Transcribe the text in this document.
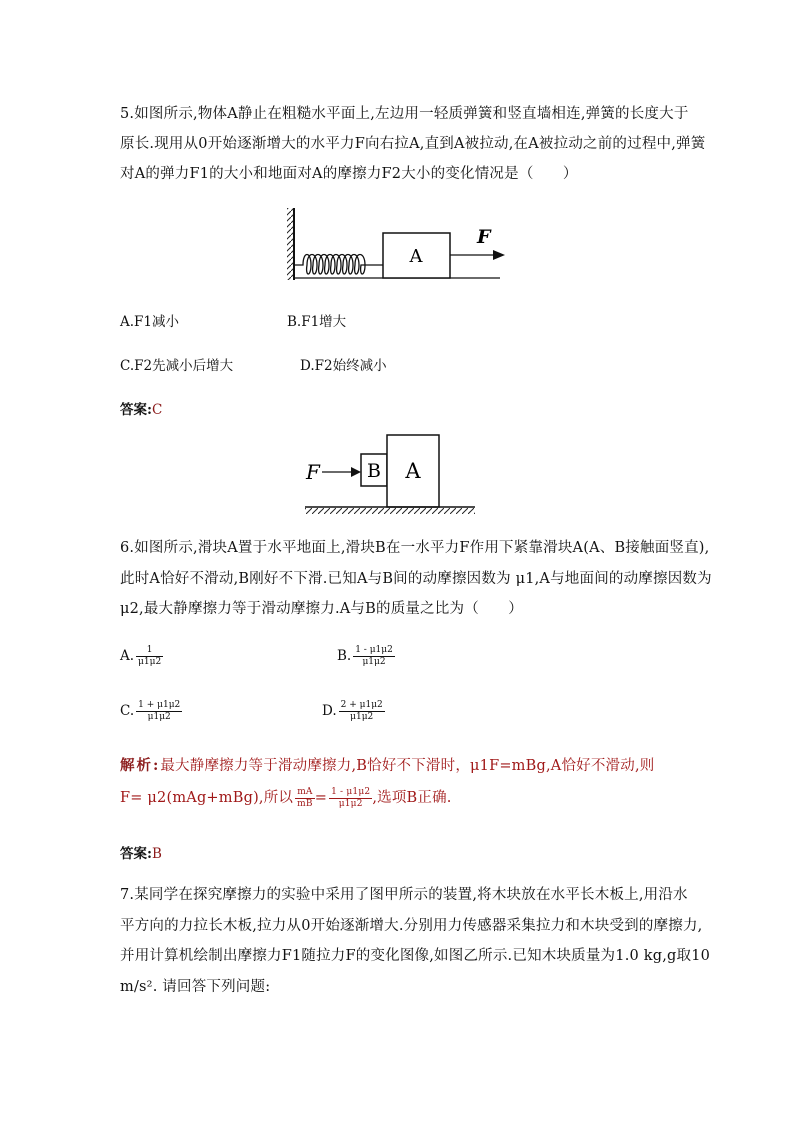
5.如图所示,物体A静止在粗糙水平面上,左边用一轻质弹簧和竖直墙相连,弹簧的长度大于
原长.现用从0开始逐渐增大的水平力F向右拉A,直到A被拉动,在A被拉动之前的过程中,弹簧
对A的弹力F1的大小和地面对A的摩擦力F2大小的变化情况是（　　）
A
F
A.F1减小	B.F1增大
C.F2先减小后增大	D.F2始终减小
答案:C
F B A
6.如图所示,滑块A置于水平地面上,滑块B在一水平力F作用下紧靠滑块A(A、B接触面竖直),
此时A恰好不滑动,B刚好不下滑.已知A与B间的动摩擦因数为 μ1,A与地面间的动摩擦因数为
μ2,最大静摩擦力等于滑动摩擦力.A与B的质量之比为（　　）
A. $\frac{1}{\mu 1\mu 2}$	B. $\frac{1 - \mu 1\mu 2}{\mu 1\mu 2}$
C. $\frac{1 + \mu 1\mu 2}{\mu 1\mu 2}$	D. $\frac{2 + \mu 1\mu 2}{\mu 1\mu 2}$
解析:最大静摩擦力等于滑动摩擦力,B恰好不下滑时，μ1F=mBg,A恰好不滑动,则
F= μ2(mAg+mBg),所以 $\frac{mA}{mB} = \frac{1 - \mu 1\mu 2}{\mu 1\mu 2}$ ,选项B正确.
答案:B
7.某同学在探究摩擦力的实验中采用了图甲所示的装置,将木块放在水平长木板上,用沿水
平方向的力拉长木板,拉力从0开始逐渐增大.分别用力传感器采集拉力和木块受到的摩擦力,
并用计算机绘制出摩擦力F1随拉力F的变化图像,如图乙所示.已知木块质量为1.0 kg,g取10
m/s². 请回答下列问题:
